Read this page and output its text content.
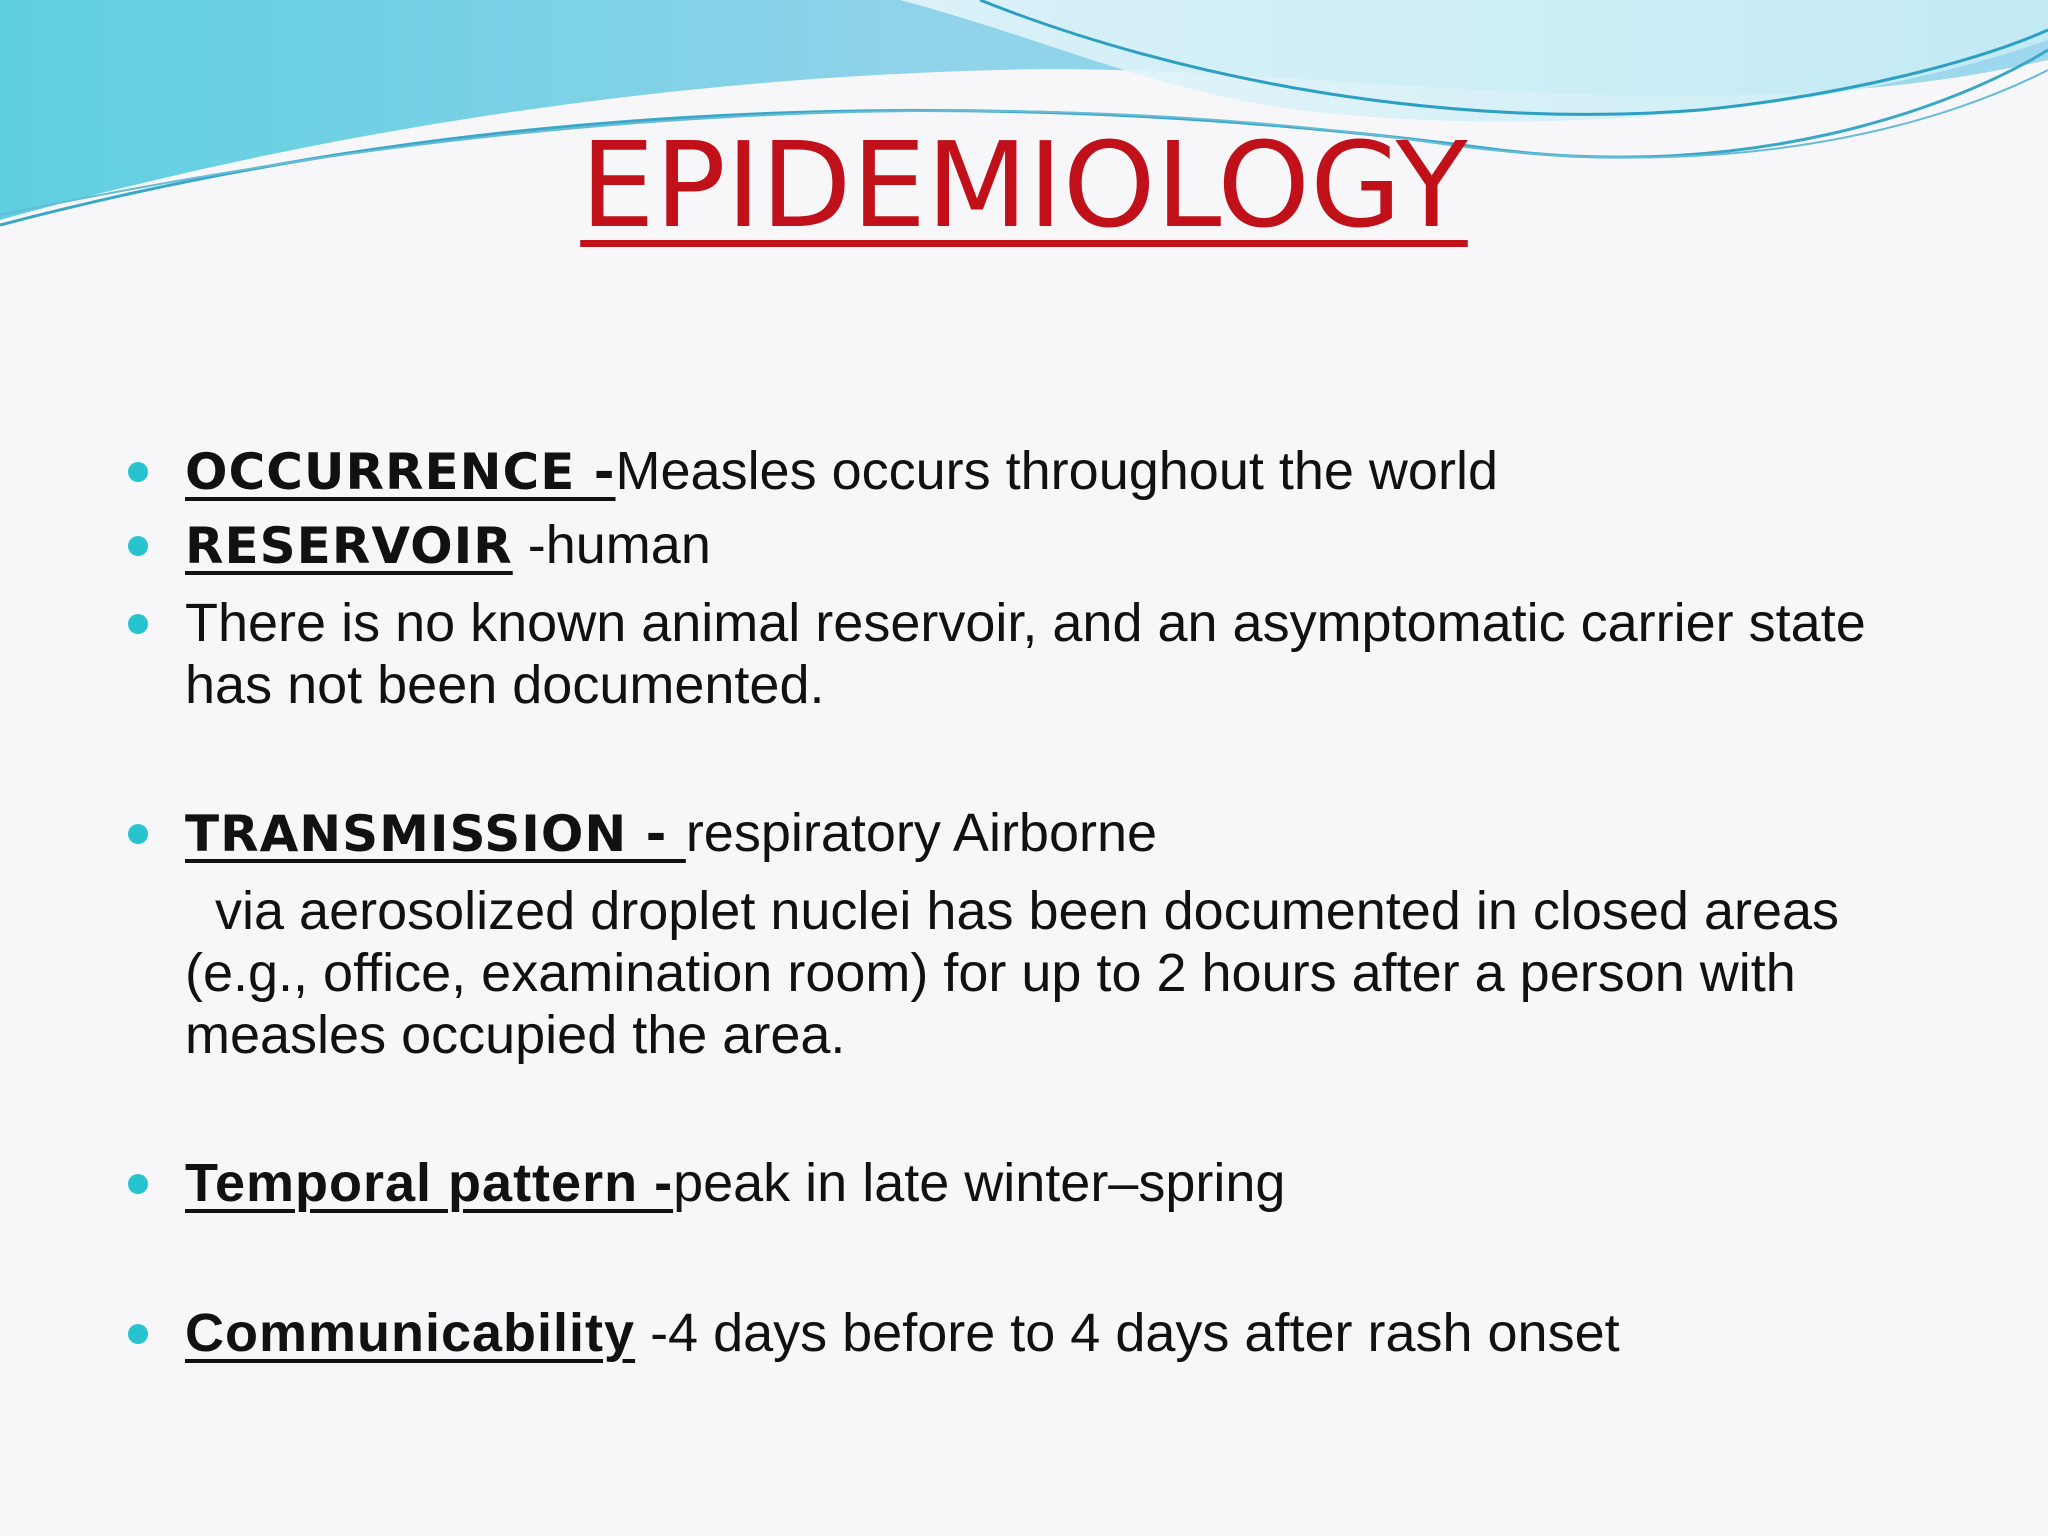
EPIDEMIOLOGY
OCCURRENCE -Measles occurs throughout the world
RESERVOIR -human
There is no known animal reservoir, and an asymptomatic carrier state has not been documented.
TRANSMISSION - respiratory Airborne
Temporal pattern -peak in late winter–spring
Communicability -4 days before to 4 days after rash onset
via aerosolized droplet nuclei has been documented in closed areas (e.g., office, examination room) for up to 2 hours after a person with measles occupied the area.
